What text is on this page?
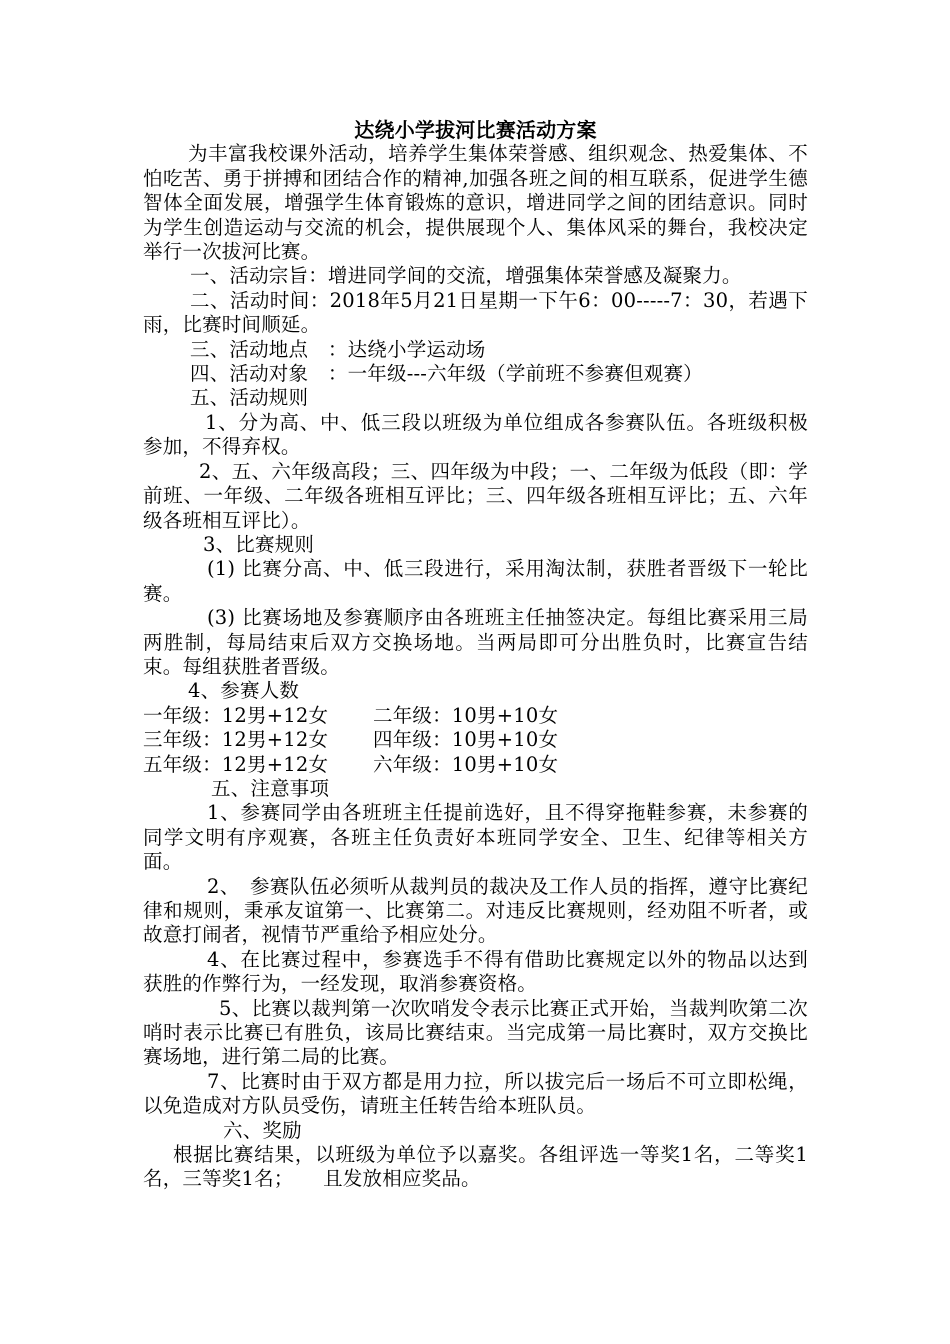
达绕小学拔河比赛活动方案

为丰富我校课外活动，培养学生集体荣誉感、组织观念、热爱集体、不怕吃苦、勇于拼搏和团结合作的精神,加强各班之间的相互联系，促进学生德智体全面发展，增强学生体育锻炼的意识，增进同学之间的团结意识。同时为学生创造运动与交流的机会，提供展现个人、集体风采的舞台，我校决定举行一次拔河比赛。

一、活动宗旨：增进同学间的交流，增强集体荣誉感及凝聚力。

二、活动时间：2018年5月21日星期一下午6：00-----7：30，若遇下雨，比赛时间顺延。

三、活动地点　：达绕小学运动场

四、活动对象　：一年级---六年级（学前班不参赛但观赛）

五、活动规则

1、分为高、中、低三段以班级为单位组成各参赛队伍。各班级积极参加，不得弃权。

2、五、六年级高段；三、四年级为中段；一、二年级为低段（即：学前班、一年级、二年级各班相互评比；三、四年级各班相互评比；五、六年级各班相互评比）。

3、比赛规则

(1) 比赛分高、中、低三段进行，采用淘汰制，获胜者晋级下一轮比赛。

(3) 比赛场地及参赛顺序由各班班主任抽签决定。每组比赛采用三局两胜制，每局结束后双方交换场地。当两局即可分出胜负时，比赛宣告结束。每组获胜者晋级。

4、参赛人数

一年级：12男+12女	二年级：10男+10女
三年级：12男+12女	四年级：10男+10女
五年级：12男+12女	六年级：10男+10女

五、注意事项

1、参赛同学由各班班主任提前选好，且不得穿拖鞋参赛，未参赛的同学文明有序观赛，各班主任负责好本班同学安全、卫生、纪律等相关方面。

2、　参赛队伍必须听从裁判员的裁决及工作人员的指挥，遵守比赛纪律和规则，秉承友谊第一、比赛第二。对违反比赛规则，经劝阻不听者，或故意打闹者，视情节严重给予相应处分。

4、在比赛过程中，参赛选手不得有借助比赛规定以外的物品以达到获胜的作弊行为，一经发现，取消参赛资格。

5、比赛以裁判第一次吹哨发令表示比赛正式开始，当裁判吹第二次哨时表示比赛已有胜负，该局比赛结束。当完成第一局比赛时，双方交换比赛场地，进行第二局的比赛。

7、比赛时由于双方都是用力拉，所以拔完后一场后不可立即松绳，以免造成对方队员受伤，请班主任转告给本班队员。

六、奖励

根据比赛结果，以班级为单位予以嘉奖。各组评选一等奖1名，二等奖1名，三等奖1名；　　且发放相应奖品。
